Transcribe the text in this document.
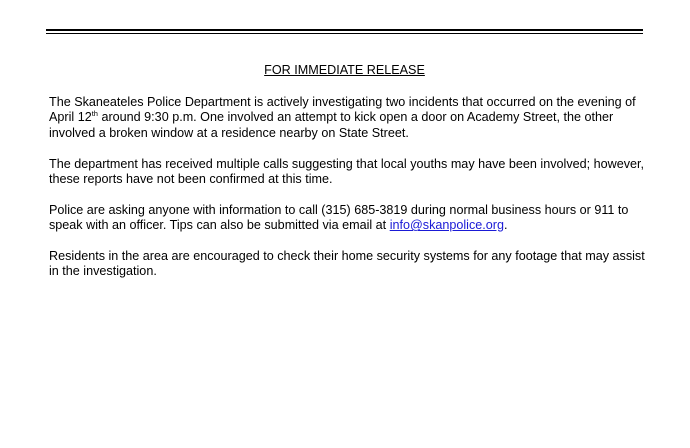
FOR IMMEDIATE RELEASE

The Skaneateles Police Department is actively investigating two incidents that occurred on the evening of April 12th around 9:30 p.m. One involved an attempt to kick open a door on Academy Street, the other involved a broken window at a residence nearby on State Street.

The department has received multiple calls suggesting that local youths may have been involved; however, these reports have not been confirmed at this time.

Police are asking anyone with information to call (315) 685-3819 during normal business hours or 911 to speak with an officer. Tips can also be submitted via email at info@skanpolice.org.

Residents in the area are encouraged to check their home security systems for any footage that may assist in the investigation.
